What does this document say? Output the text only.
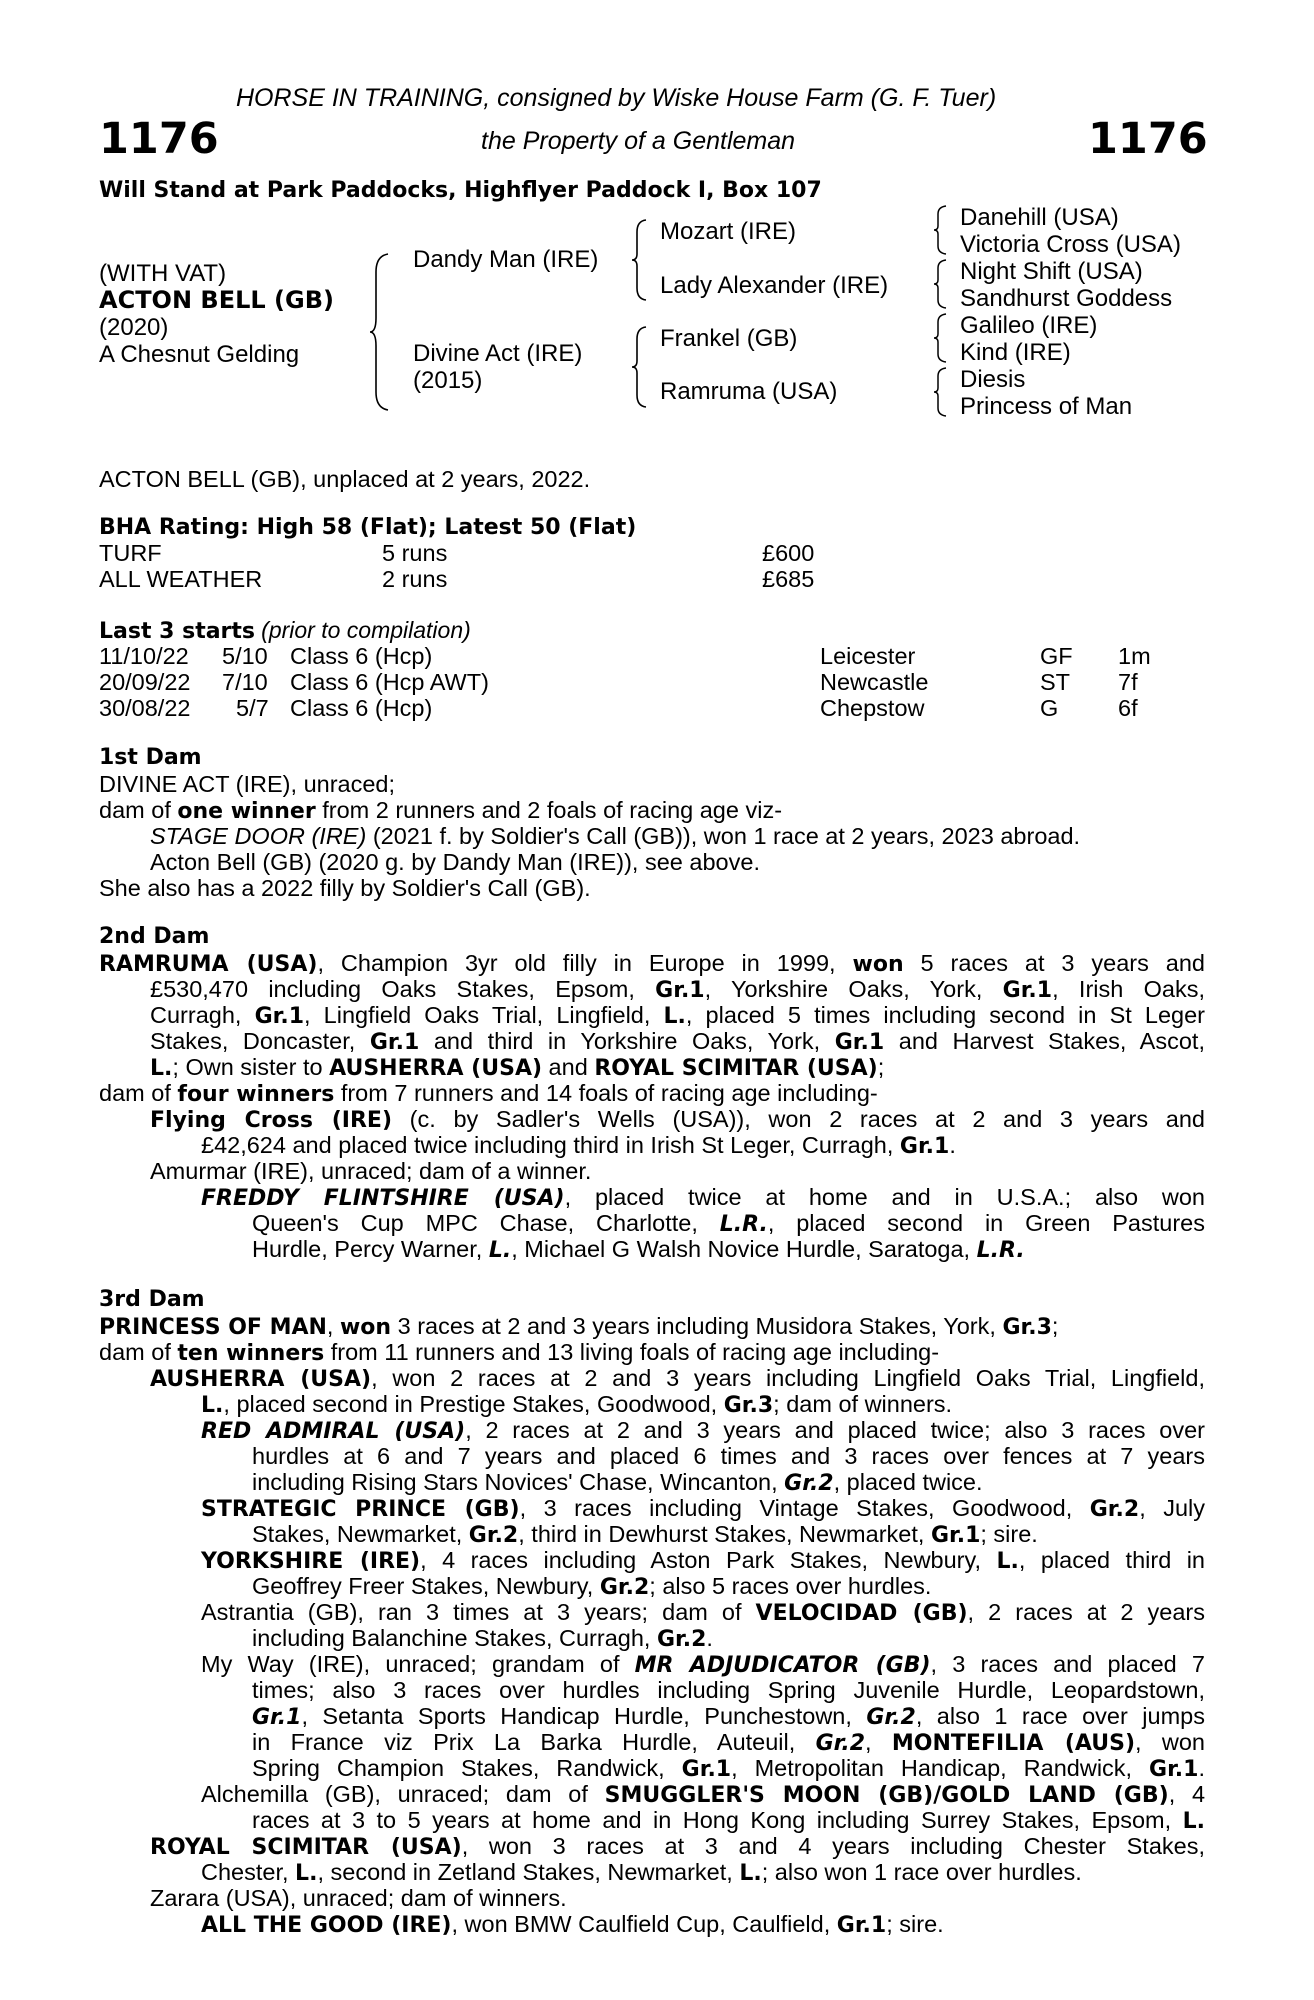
HORSE IN TRAINING, consigned by Wiske House Farm (G. F. Tuer)
1176	the Property of a Gentleman	1176
Will Stand at Park Paddocks, Highflyer Paddock I, Box 107
(WITH VAT)
ACTON BELL (GB)
(2020)
A Chesnut Gelding
Dandy Man (IRE)
Divine Act (IRE)
(2015)
Mozart (IRE)
Lady Alexander (IRE)
Frankel (GB)
Ramruma (USA)
Danehill (USA)
Victoria Cross (USA)
Night Shift (USA)
Sandhurst Goddess
Galileo (IRE)
Kind (IRE)
Diesis
Princess of Man
ACTON BELL (GB), unplaced at 2 years, 2022.
BHA Rating: High 58 (Flat); Latest 50 (Flat)
TURF	5 runs	£600
ALL WEATHER	2 runs	£685
Last 3 starts (prior to compilation)
11/10/22 5/10 Class 6 (Hcp)	Leicester	GF 1m
20/09/22 7/10 Class 6 (Hcp AWT)	Newcastle	ST 7f
30/08/22 5/7 Class 6 (Hcp)	Chepstow	G	6f
1st Dam
DIVINE ACT (IRE), unraced;
dam of one winner from 2 runners and 2 foals of racing age viz-
STAGE DOOR (IRE) (2021 f. by Soldier's Call (GB)), won 1 race at 2 years, 2023 abroad.
Acton Bell (GB) (2020 g. by Dandy Man (IRE)), see above.
She also has a 2022 filly by Soldier's Call (GB).
2nd Dam
RAMRUMA (USA), Champion 3yr old filly in Europe in 1999, won 5 races at 3 years and
£530,470 including Oaks Stakes, Epsom, Gr.1, Yorkshire Oaks, York, Gr.1, Irish Oaks,
Curragh, Gr.1, Lingfield Oaks Trial, Lingfield, L., placed 5 times including second in St Leger
Stakes, Doncaster, Gr.1 and third in Yorkshire Oaks, York, Gr.1 and Harvest Stakes, Ascot,
L.; Own sister to AUSHERRA (USA) and ROYAL SCIMITAR (USA);
dam of four winners from 7 runners and 14 foals of racing age including-
Flying Cross (IRE) (c. by Sadler's Wells (USA)), won 2 races at 2 and 3 years and
£42,624 and placed twice including third in Irish St Leger, Curragh, Gr.1.
Amurmar (IRE), unraced; dam of a winner.
FREDDY FLINTSHIRE (USA), placed twice at home and in U.S.A.; also won
Queen's Cup MPC Chase, Charlotte, L.R., placed second in Green Pastures
Hurdle, Percy Warner, L., Michael G Walsh Novice Hurdle, Saratoga, L.R.
3rd Dam
PRINCESS OF MAN, won 3 races at 2 and 3 years including Musidora Stakes, York, Gr.3;
dam of ten winners from 11 runners and 13 living foals of racing age including-
AUSHERRA (USA), won 2 races at 2 and 3 years including Lingfield Oaks Trial, Lingfield,
L., placed second in Prestige Stakes, Goodwood, Gr.3; dam of winners.
RED ADMIRAL (USA), 2 races at 2 and 3 years and placed twice; also 3 races over
hurdles at 6 and 7 years and placed 6 times and 3 races over fences at 7 years
including Rising Stars Novices' Chase, Wincanton, Gr.2, placed twice.
STRATEGIC PRINCE (GB), 3 races including Vintage Stakes, Goodwood, Gr.2, July
Stakes, Newmarket, Gr.2, third in Dewhurst Stakes, Newmarket, Gr.1; sire.
YORKSHIRE (IRE), 4 races including Aston Park Stakes, Newbury, L., placed third in
Geoffrey Freer Stakes, Newbury, Gr.2; also 5 races over hurdles.
Astrantia (GB), ran 3 times at 3 years; dam of VELOCIDAD (GB), 2 races at 2 years
including Balanchine Stakes, Curragh, Gr.2.
My Way (IRE), unraced; grandam of MR ADJUDICATOR (GB), 3 races and placed 7
times; also 3 races over hurdles including Spring Juvenile Hurdle, Leopardstown,
Gr.1, Setanta Sports Handicap Hurdle, Punchestown, Gr.2, also 1 race over jumps
in France viz Prix La Barka Hurdle, Auteuil, Gr.2, MONTEFILIA (AUS), won
Spring Champion Stakes, Randwick, Gr.1, Metropolitan Handicap, Randwick, Gr.1.
Alchemilla (GB), unraced; dam of SMUGGLER'S MOON (GB)/GOLD LAND (GB), 4
races at 3 to 5 years at home and in Hong Kong including Surrey Stakes, Epsom, L.
ROYAL SCIMITAR (USA), won 3 races at 3 and 4 years including Chester Stakes,
Chester, L., second in Zetland Stakes, Newmarket, L.; also won 1 race over hurdles.
Zarara (USA), unraced; dam of winners.
ALL THE GOOD (IRE), won BMW Caulfield Cup, Caulfield, Gr.1; sire.
